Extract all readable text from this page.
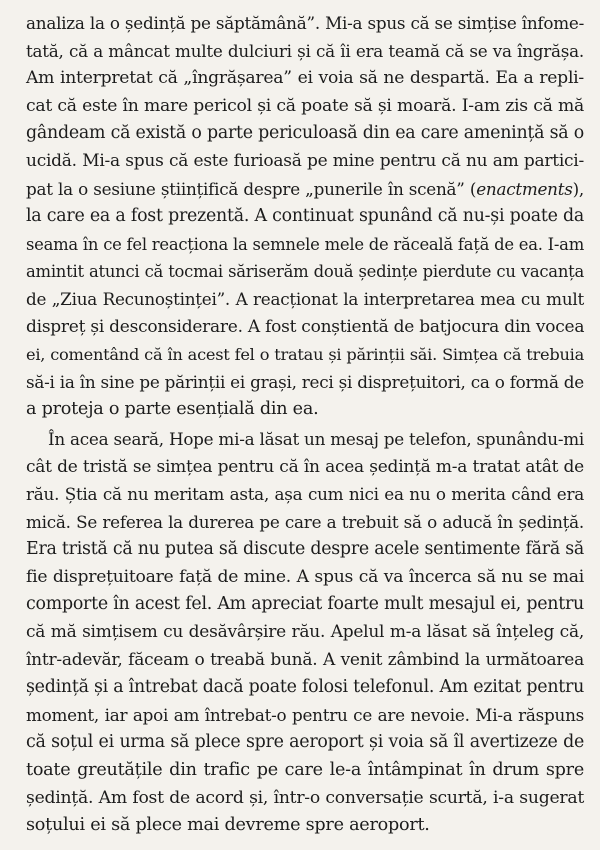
analiza la o ședință pe săptămână”. Mi-a spus că se simțise înfome-
tată, că a mâncat multe dulciuri și că îi era teamă că se va îngrășa.
Am interpretat că „îngrășarea” ei voia să ne despartă. Ea a repli-
cat că este în mare pericol și că poate să și moară. I-am zis că mă
gândeam că există o parte periculoasă din ea care amenință să o
ucidă. Mi-a spus că este furioasă pe mine pentru că nu am partici-
pat la o sesiune științifică despre „punerile în scenă” (enactments),
la care ea a fost prezentă. A continuat spunând că nu-și poate da
seama în ce fel reacționa la semnele mele de răceală față de ea. I-am
amintit atunci că tocmai săriserăm două ședințe pierdute cu vacanța
de „Ziua Recunoștinței”. A reacționat la interpretarea mea cu mult
dispreț și desconsiderare. A fost conștientă de batjocura din vocea
ei, comentând că în acest fel o tratau și părinții săi. Simțea că trebuia
să-i ia în sine pe părinții ei grași, reci și disprețuitori, ca o formă de
a proteja o parte esențială din ea.
În acea seară, Hope mi-a lăsat un mesaj pe telefon, spunându-mi
cât de tristă se simțea pentru că în acea ședință m-a tratat atât de
rău. Știa că nu meritam asta, așa cum nici ea nu o merita când era
mică. Se referea la durerea pe care a trebuit să o aducă în ședință.
Era tristă că nu putea să discute despre acele sentimente fără să
fie disprețuitoare față de mine. A spus că va încerca să nu se mai
comporte în acest fel. Am apreciat foarte mult mesajul ei, pentru
că mă simțisem cu desăvârșire rău. Apelul m-a lăsat să înțeleg că,
într-adevăr, făceam o treabă bună. A venit zâmbind la următoarea
ședință și a întrebat dacă poate folosi telefonul. Am ezitat pentru
moment, iar apoi am întrebat-o pentru ce are nevoie. Mi-a răspuns
că soțul ei urma să plece spre aeroport și voia să îl avertizeze de
toate greutățile din trafic pe care le-a întâmpinat în drum spre
ședință. Am fost de acord și, într-o conversație scurtă, i-a sugerat
soțului ei să plece mai devreme spre aeroport.
